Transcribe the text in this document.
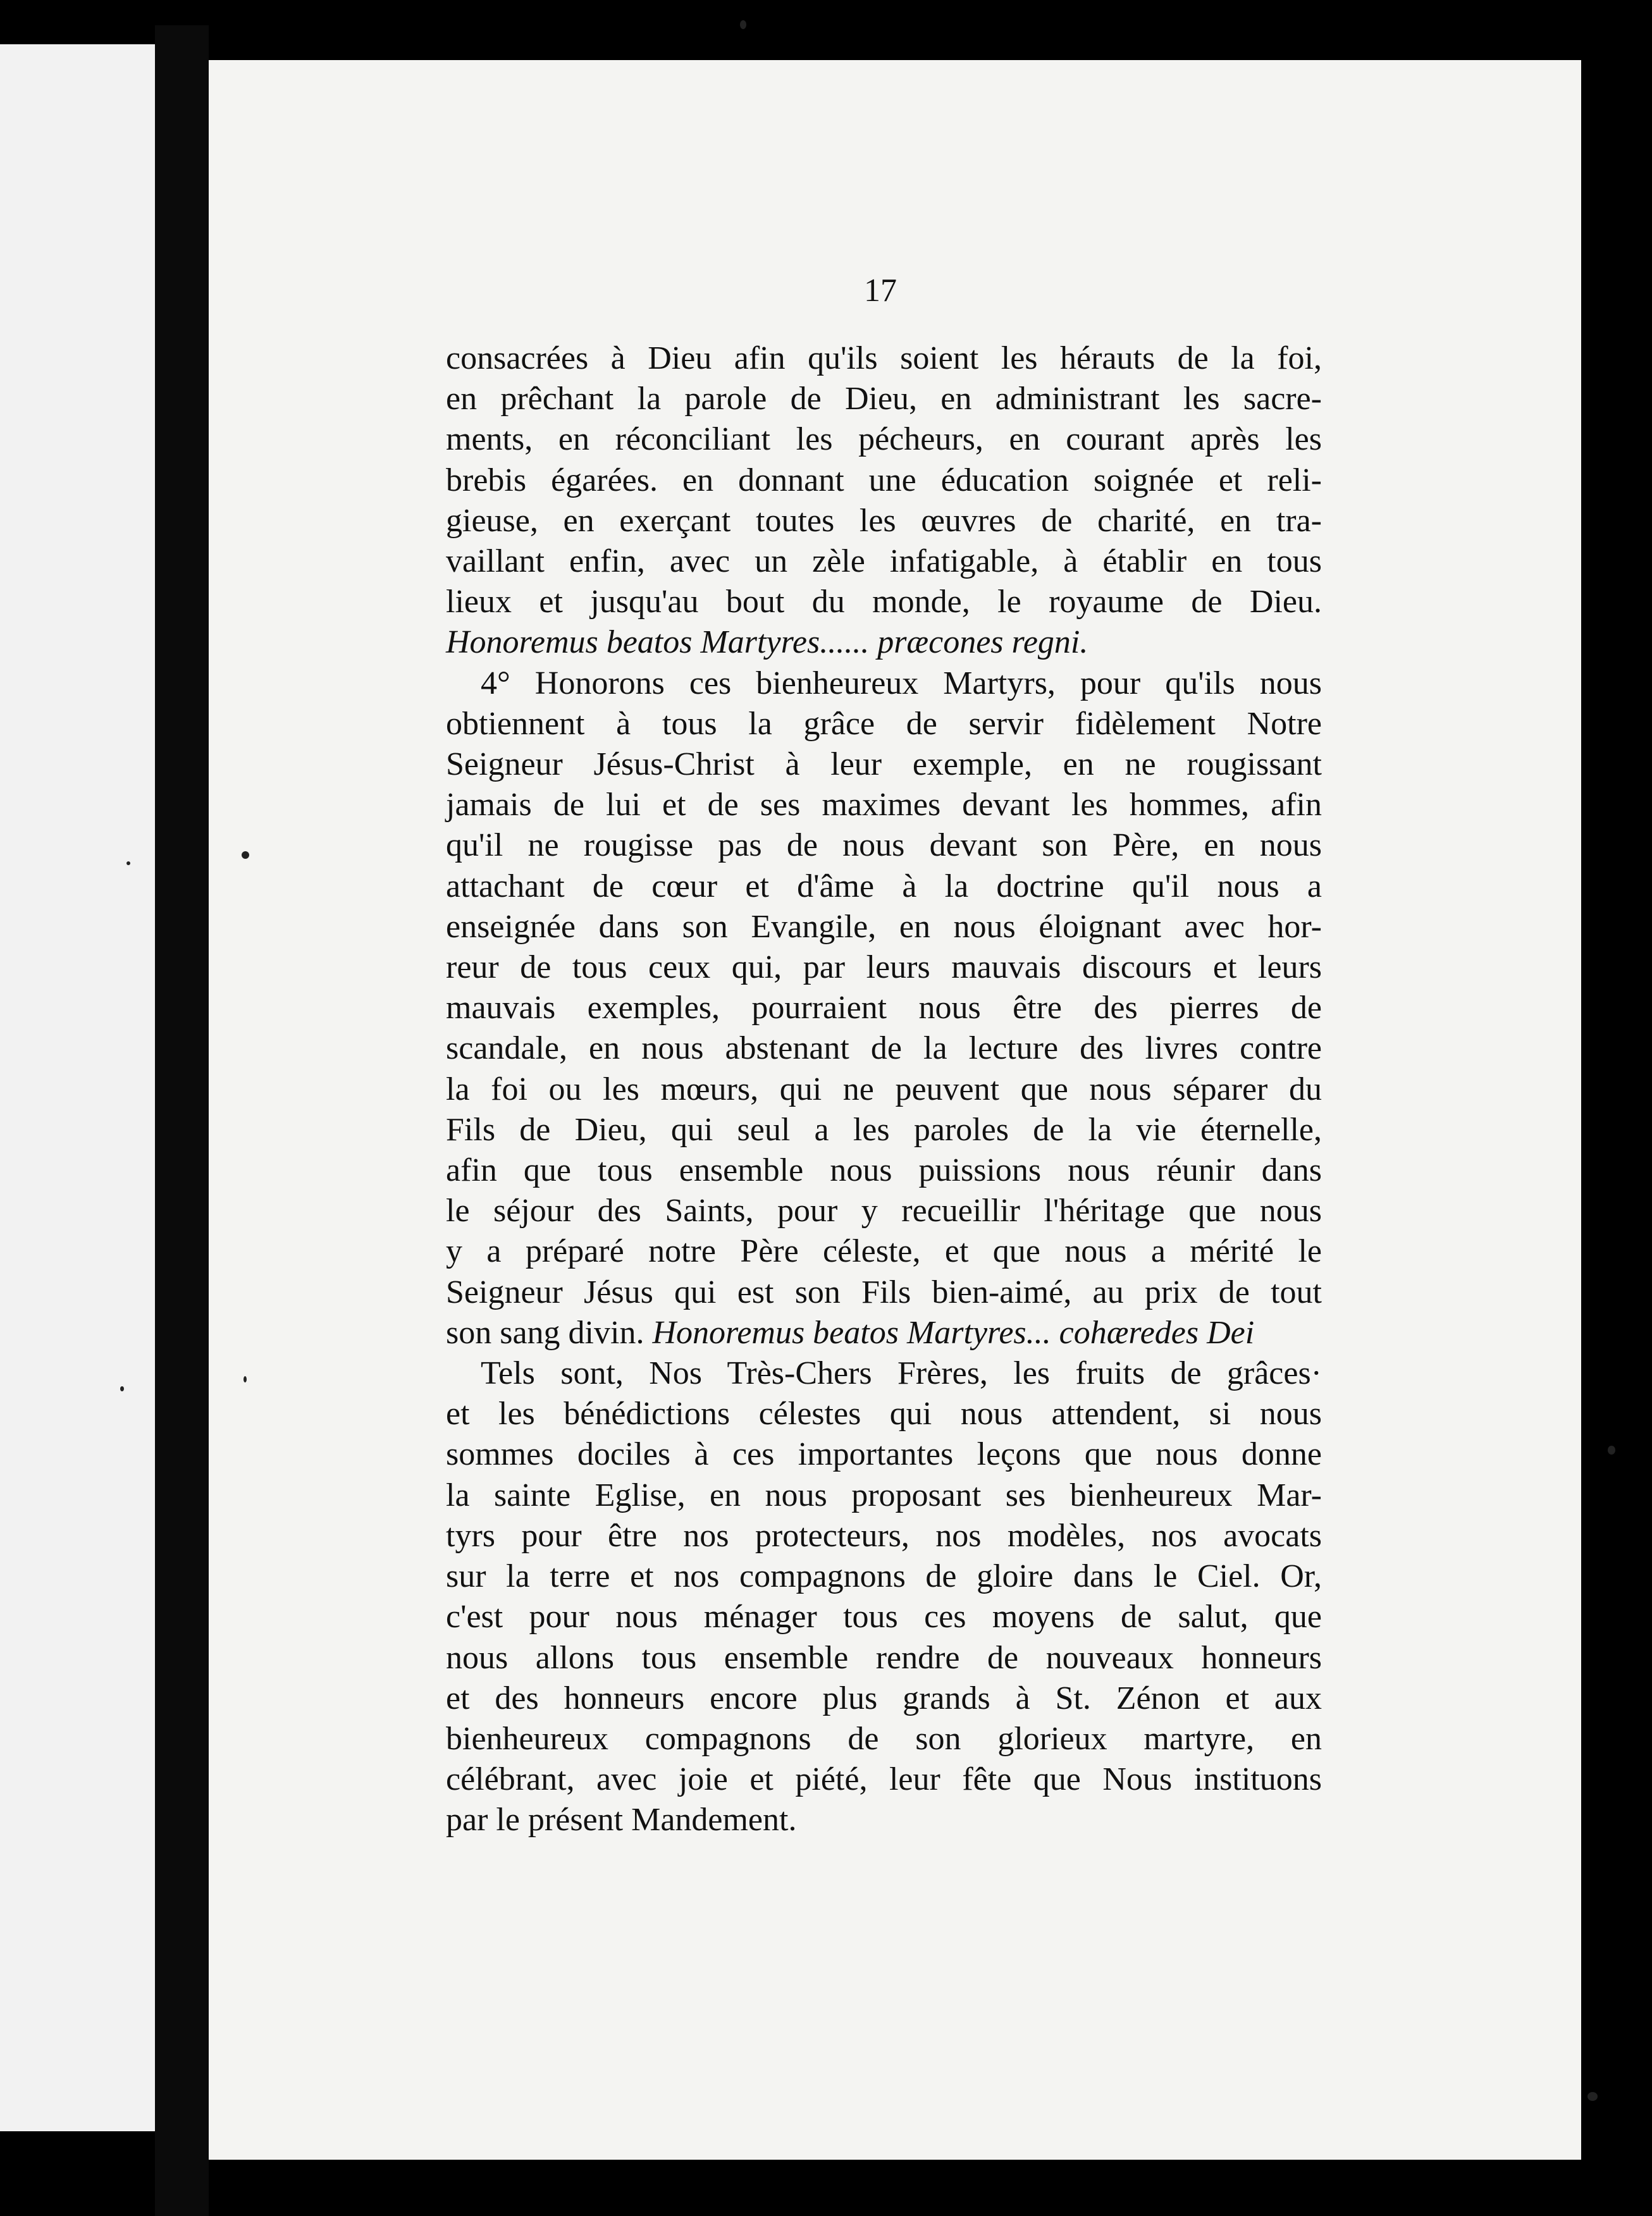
17
consacrées à Dieu afin qu'ils soient les hérauts de la foi,
en prêchant la parole de Dieu, en administrant les sacre-
ments, en réconciliant les pécheurs, en courant après les
brebis égarées. en donnant une éducation soignée et reli-
gieuse, en exerçant toutes les œuvres de charité, en tra-
vaillant enfin, avec un zèle infatigable, à établir en tous
lieux et jusqu'au bout du monde, le royaume de Dieu.
Honoremus beatos Martyres...... præcones regni.
4° Honorons ces bienheureux Martyrs, pour qu'ils nous
obtiennent à tous la grâce de servir fidèlement Notre
Seigneur Jésus-Christ à leur exemple, en ne rougissant
jamais de lui et de ses maximes devant les hommes, afin
qu'il ne rougisse pas de nous devant son Père, en nous
attachant de cœur et d'âme à la doctrine qu'il nous a
enseignée dans son Evangile, en nous éloignant avec hor-
reur de tous ceux qui, par leurs mauvais discours et leurs
mauvais exemples, pourraient nous être des pierres de
scandale, en nous abstenant de la lecture des livres contre
la foi ou les mœurs, qui ne peuvent que nous séparer du
Fils de Dieu, qui seul a les paroles de la vie éternelle,
afin que tous ensemble nous puissions nous réunir dans
le séjour des Saints, pour y recueillir l'héritage que nous
y a préparé notre Père céleste, et que nous a mérité le
Seigneur Jésus qui est son Fils bien-aimé, au prix de tout
son sang divin. Honoremus beatos Martyres... cohæredes Dei
Tels sont, Nos Très-Chers Frères, les fruits de grâces·
et les bénédictions célestes qui nous attendent, si nous
sommes dociles à ces importantes leçons que nous donne
la sainte Eglise, en nous proposant ses bienheureux Mar-
tyrs pour être nos protecteurs, nos modèles, nos avocats
sur la terre et nos compagnons de gloire dans le Ciel. Or,
c'est pour nous ménager tous ces moyens de salut, que
nous allons tous ensemble rendre de nouveaux honneurs
et des honneurs encore plus grands à St. Zénon et aux
bienheureux compagnons de son glorieux martyre, en
célébrant, avec joie et piété, leur fête que Nous instituons
par le présent Mandement.
